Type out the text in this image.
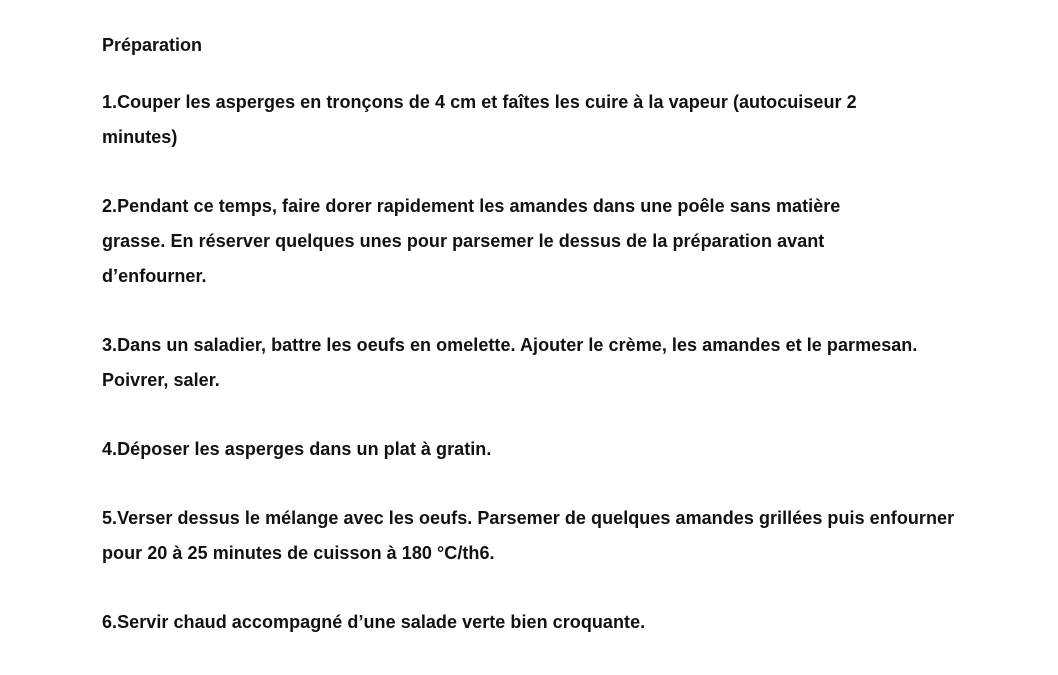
Préparation
1.Couper les asperges en tronçons de 4 cm et faîtes les cuire à la vapeur (autocuiseur 2 minutes)
2.Pendant ce temps, faire dorer rapidement les amandes dans une poêle sans matière grasse. En réserver quelques unes pour parsemer le dessus de la préparation avant d’enfourner.
3.Dans un saladier, battre les oeufs en omelette. Ajouter le crème, les amandes et le parmesan. Poivrer, saler.
4.Déposer les asperges dans un plat à gratin.
5.Verser dessus le mélange avec les oeufs. Parsemer de quelques amandes grillées puis enfourner pour 20 à 25 minutes de cuisson à 180 °C/th6.
6.Servir chaud accompagné d’une salade verte bien croquante.
